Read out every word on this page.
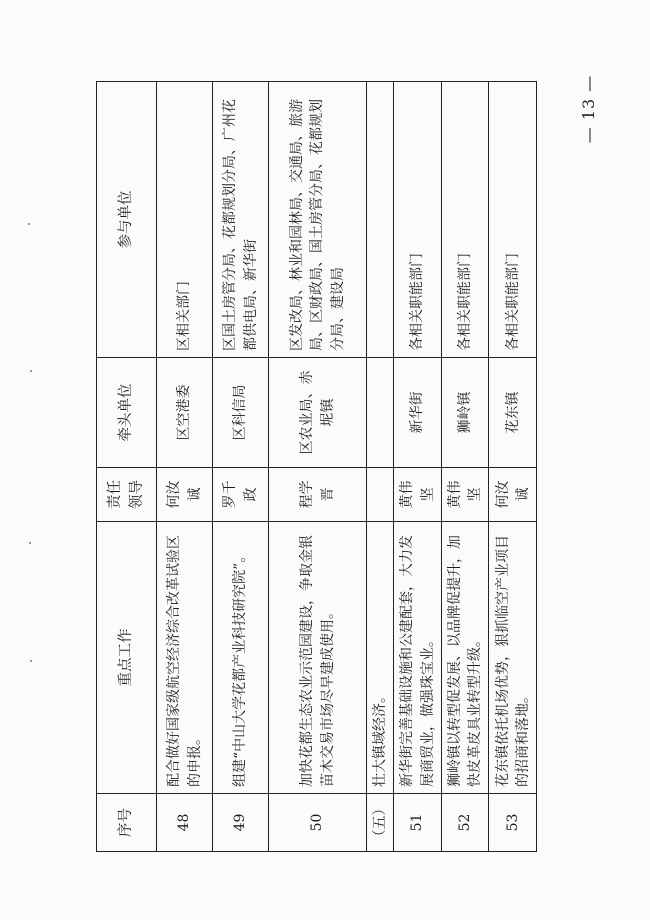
— 13 —
序号	重点工作	责任领导	牵头单位	参与单位
48	配合做好国家级航空经济综合改革试验区的申报。	何汝诚	区空港委	区相关部门
49	组建“中山大学花都产业科技研究院”。	罗千政	区科信局	区国土房管分局、花都规划分局、广州花都供电局、新华街
50	加快花都生态农业示范园建设，争取金银苗木交易市场尽早建成使用。	程学晋	区农业局、赤坭镇	区发改局、林业和园林局、交通局、旅游局、区财政局、国土房管分局、花都规划分局、建设局
（五）	壮大镇域经济。			
51	新华街完善基础设施和公建配套，大力发展商贸业，做强珠宝业。	黄伟坚	新华街	各相关职能部门
52	狮岭镇以转型促发展、以品牌促提升，加快皮革皮具业转型升级。	黄伟坚	狮岭镇	各相关职能部门
53	花东镇依托机场优势，狠抓临空产业项目的招商和落地。	何汝诚	花东镇	各相关职能部门
